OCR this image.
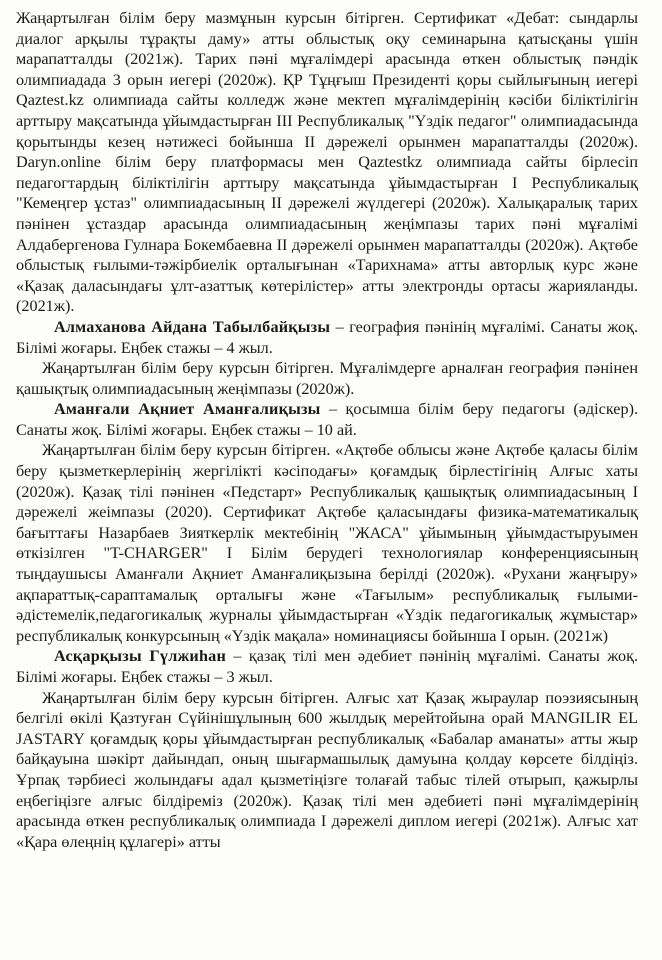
Жаңартылған білім беру мазмұнын курсын бітірген. Сертификат «Дебат: сындарлы диалог арқылы тұрақты даму» атты облыстық оқу семинарына қатысқаны үшін марапатталды (2021ж). Тарих пәні мұғалімдері арасында өткен облыстық пәндік олимпиадада 3 орын иегері (2020ж). ҚР Тұңғыш Президенті қоры сыйлығының иегері Qaztest.kz олимпиада сайты колледж және мектеп мұғалімдерінің кәсіби біліктілігін арттыру мақсатында ұйымдастырған ІІІ Республикалық "Үздік педагог" олимпиадасында қорытынды кезең нәтижесі бойынша ІІ дәрежелі орынмен марапатталды (2020ж). Daryn.online білім беру платформасы мен Qaztestkz олимпиада сайты бірлесіп педагогтардың біліктілігін арттыру мақсатында ұйымдастырған І Республикалық "Кемеңгер ұстаз" олимпиадасының ІІ дәрежелі жүлдегері (2020ж). Халықаралық тарих пәнінен ұстаздар арасында олимпиадасының жеңімпазы тарих пәні мұғалімі Алдабергенова Гулнара Бокембаевна ІІ дәрежелі орынмен марапатталды (2020ж). Ақтөбе облыстық ғылыми-тәжірбиелік орталығынан «Тарихнама» атты авторлық курс және «Қазақ даласындағы ұлт-азаттық көтерілістер» атты электронды ортасы жарияланды. (2021ж).

Алмаханова Айдана Табылбайқызы – география пәнінің мұғалімі. Санаты жоқ. Білімі жоғары. Еңбек стажы – 4 жыл.

Жаңартылған білім беру курсын бітірген. Мұғалімдерге арналған география пәнінен қашықтық олимпиадасының жеңімпазы (2020ж).

Аманғали Ақниет Аманғалиқызы – қосымша білім беру педагогы (әдіскер). Санаты жоқ. Білімі жоғары. Еңбек стажы – 10 ай.

Жаңартылған білім беру курсын бітірген. «Ақтөбе облысы және Ақтөбе қаласы білім беру қызметкерлерінің жергілікті кәсіподағы» қоғамдық бірлестігінің Алғыс хаты (2020ж). Қазақ тілі пәнінен «Педстарт» Республикалық қашықтық олимпиадасының І дәрежелі жеімпазы (2020). Сертификат Ақтөбе қаласындағы физика-математикалық бағыттағы Назарбаев Зияткерлік мектебінің "ЖАСА" ұйымының ұйымдастыруымен өткізілген "T-CHARGER" І Білім берудегі технологиялар конференциясының тыңдаушысы Аманғали Ақниет Аманғалиқызына берілді (2020ж). «Рухани жаңғыру» ақпараттық-сараптамалық орталығы және «Тағылым» республикалық ғылыми-әдістемелік,педагогикалық журналы ұйымдастырған «Үздік педагогикалық жұмыстар» республикалық конкурсының «Үздік мақала» номинациясы бойынша І орын. (2021ж)

Асқарқызы Гүлжиһан – қазақ тілі мен әдебиет пәнінің мұғалімі. Санаты жоқ. Білімі жоғары. Еңбек стажы – 3 жыл.

Жаңартылған білім беру курсын бітірген. Алғыс хат Қазақ жыраулар поэзиясының белгілі өкілі Қазтуған Сүйінішұлының 600 жылдық мерейтойына орай MANGILIR EL JASTARY қоғамдық қоры ұйымдастырған республикалық «Бабалар аманаты» атты жыр байқауына шәкірт дайындап, оның шығармашылық дамуына қолдау көрсете білдіңіз. Ұрпақ тәрбиесі жолындағы адал қызметіңізге толағай табыс тілей отырып, қажырлы еңбегіңізге алғыс білдіреміз (2020ж). Қазақ тілі мен әдебиеті пәні мұғалімдерінің арасында өткен республикалық олимпиада І дәрежелі диплом иегері (2021ж). Алғыс хат «Қара өлеңнің құлагері» атты
